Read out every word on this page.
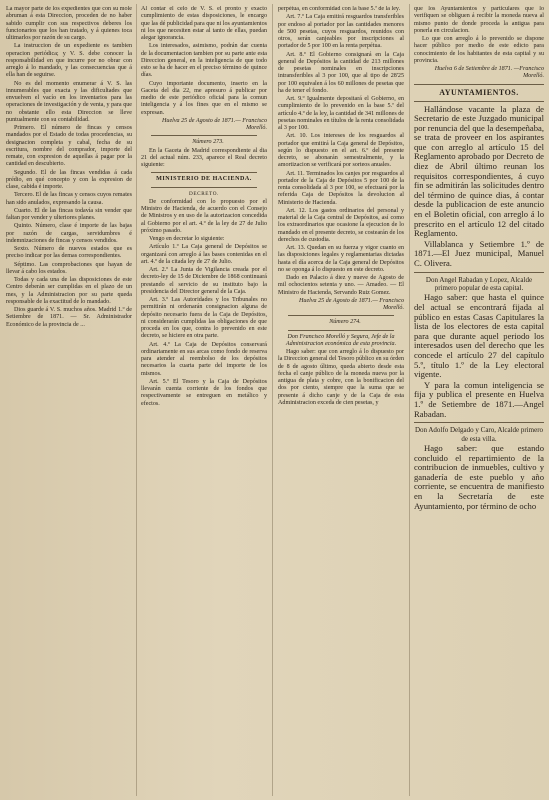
La mayor parte de los expedientes que con su mole abruman á esta Direccion, proceden de no haber sabido cumplir con sus respectivos deberes los funcionarios que los han tratado, y á quienes toca ultimarlos por razón de su cargo.

La instruccion de un expediente es tambien operacion periódica; y V. S. debe conocer la responsabilidad en que incurre por no obrar con arreglo á lo mandado, y las consecuencias que á ella han de seguirse.

No es del momento enumerar á V. S. las innumerables que exacta y las dificultades que envuelven el vacío en los inventarios para las operaciones de investigación y de venta, y para que no obstante ello esta Direccion se lleve puntualmente con su contabilidad.

Primero. El número de fincas y censos mandados por el Estado de todas procedencias, su designacion completa y cabal, fecha de su escritura, nombre del comprador, importe del remate, con expresion de aquellas á pagar por la cantidad en descubierto.

Segundo. El de las fincas vendidas á cada prédio, en qué concepto y con la expresion de clase, cabida é importe.

Tercero. El de las fincas y censos cuyos remates han sido anulados, expresando la causa.

Cuarto. El de las fincas todavía sin vender que faltan por vender y ulteriores planes.

Quinto. Número, clase é importe de las bajas por razón de cargas, servidumbres é indemnizaciones de fincas y censos vendidos.

Sexto. Número de nuevos estados que es preciso indicar por las demas correspondientes.

Séptimo. Las comprobaciones que hayan de llevar á cabo los estados.

Todas y cada una de las disposiciones de este Centro deberán ser cumplidas en el plazo de un mes, y la Administracion por su parte queda responsable de la exactitud de lo mandado.

Dios guarde á V. S. muchos años. Madrid 1.º de Setiembre de 1871. — Sr. Administrador Económico de la provincia de ...

Al contar el celo de V. S. el pronto y exacto cumplimiento de estas disposiciones, le encargo que las dé publicidad para que ni los ayuntamientos ni los que necesiten estar al tanto de ellas, puedan alegar ignorancia.

Los interesados, asimismo, podrán dar cuenta de la documentacion tambien por su parte ante esta Direccion general, en la inteligencia de que todo esto se ha de hacer en el preciso término de quince días.

Cuyo importante documento, inserto en la Gaceta del dia 22, me apresuro á publicar por medio de este periódico oficial para la comun inteligencia y á los fines que en el mismo se expresan.

Huelva 25 de Agosto de 1871.— Francisco Morelló.

Número 273.

En la Gaceta de Madrid correspondiente al dia 21 del actual núm. 233, aparece el Real decreto siguiente:

MINISTERIO DE HACIENDA.

DECRETO.

De conformidad con lo propuesto por el Ministro de Hacienda, de acuerdo con el Consejo de Ministros y en uso de la autorizacion concedida al Gobierno por el art. 4.º de la ley de 27 de Julio próximo pasado.

Vengo en decretar lo siguiente:

Artículo 1.º La Caja general de Depósitos se organizará con arreglo á las bases contenidas en el art. 4.º de la citada ley de 27 de Julio.

Art. 2.º La Junta de Vigilancia creada por el decreto-ley de 15 de Diciembre de 1868 continuará prestando el servicio de su instituto bajo la presidencia del Director general de la Caja.

Art. 3.º Las Autoridades y los Tribunales no permitirán ni ordenarán consignacion alguna de depósito necesario fuera de la Caja de Depósitos, ni considerarán cumplidas las obligaciones de que proceda en los que, contra lo prevenido en este decreto, se hiciere en otra parte.

Art. 4.º La Caja de Depósitos conservará ordinariamente en sus arcas como fondo de reserva para atender al reembolso de los depósitos necesarios la cuarta parte del importe de los mismos.

Art. 5.º El Tesoro y la Caja de Depósitos llevarán cuenta corriente de los fondos que respectivamente se entreguen en metálico y efectos.

perpétua, en conformidad con la base 5.ª de la ley.

Art. 7.º La Caja emitirá resguardos transferibles por endoso al portador por las cantidades menores de 500 pesetas, cuyos resguardos, reunidos con otros, serán canjeables por inscripciones al portador de 5 por 100 en la renta perpétua.

Art. 8.º El Gobierno consignará en la Caja general de Depósitos la cantidad de 213 millones de pesetas nominales en inscripciones intransferibles al 3 por 100, que al tipo de 28'25 por 100 equivalen á los 60 millones de pesetas que ha de tener el fondo.

Art. 9.º Igualmente depositará el Gobierno, en cumplimiento de lo prevenido en la base 5.ª del artículo 4.º de la ley, la cantidad de 341 millones de pesetas nominales en títulos de la renta consolidada al 3 por 100.

Art. 10. Los intereses de los resguardos al portador que emitirá la Caja general de Depósitos, según lo dispuesto en el art. 6.º del presente decreto, se abonarán semestralmente, y la amortizacion se verificará por sorteos anuales.

Art. 11. Terminados los canjes por resguardos al portador de la Caja de Depósitos 5 por 100 de la renta consolidada al 3 por 100, se efectuará por la referida Caja de Depósitos la devolucion al Ministerio de Hacienda.

Art. 12. Los gastos ordinarios del personal y material de la Caja central de Depósitos, así como los extraordinarios que ocasione la ejecucion de lo mandado en el presente decreto, se costearán de los derechos de custodia.

Art. 13. Quedan en su fuerza y vigor cuanto en las disposiciones legales y reglamentarias dictadas hasta el día acerca de la Caja general de Depósitos no se oponga á lo dispuesto en este decreto.

Dado en Palacio á diez y nueve de Agosto de mil ochocientos setenta y uno. — Amadeo. — El Ministro de Hacienda, Servando Ruiz Gomez.

Huelva 25 de Agosto de 1871.— Francisco Morelló.

Número 274.

Don Francisco Morelló y Segura, Jefe de la Administracion económica de esta provincia.

Hago saber: que con arreglo á lo dispuesto por la Direccion general del Tesoro público en su órden de 8 de agosto último, queda abierto desde esta fecha el canje público de la moneda nueva por la antigua de plata y cobre, con la bonificacion del dos por ciento, siempre que la suma que se presente á dicho canje y de la Caja de esta Administracion exceda de cien pesetas, y

que los Ayuntamientos y particulares que lo verifiquen se obliguen á recibir la moneda nueva al mismo punto de donde proceda la antigua para ponerla en circulacion.

Lo que con arreglo á lo prevenido se dispone hacer público por medio de este edicto para conocimiento de los habitantes de esta capital y su provincia.

Huelva 6 de Setiembre de 1871. —Francisco Morelló.

AYUNTAMIENTOS.

Hallándose vacante la plaza de Secretario de este Juzgado municipal por renuncia del que la desempeñaba, se trata de proveer en los aspirantes que con arreglo al artículo 15 del Reglamento aprobado por Decreto de diez de Abril último reunan los requisitos correspondientes, á cuyo fin se admitirán las solicitudes dentro del término de quince dias, á contar desde la publicacion de este anuncio en el Boletin oficial, con arreglo á lo prescrito en el artículo 12 del citado Reglamento.

Villablanca y Setiembre 1.º de 1871.—El Juez municipal, Manuel C. Olivera.

Don Angel Rabadan y Lopez, Alcalde primero popular de esta capital.

Hago saber: que hasta el quince del actual se encontrará fijada al público en estas Casas Capitulares la lista de los electores de esta capital para que durante aquel periodo los interesados usen del derecho que les concede el artículo 27 del capítulo 5.º, título 1.º de la Ley electoral vigente.

Y para la comun inteligencia se fija y publica el presente en Huelva 1.º de Setiembre de 1871.—Angel Rabadan.

Don Adolfo Delgado y Caro, Alcalde primero de esta villa.

Hago saber: que estando concluido el repartimiento de la contribucion de inmuebles, cultivo y ganadería de este pueblo y año corriente, se encuentra de manifiesto en la Secretaría de este Ayuntamiento, por término de ocho
